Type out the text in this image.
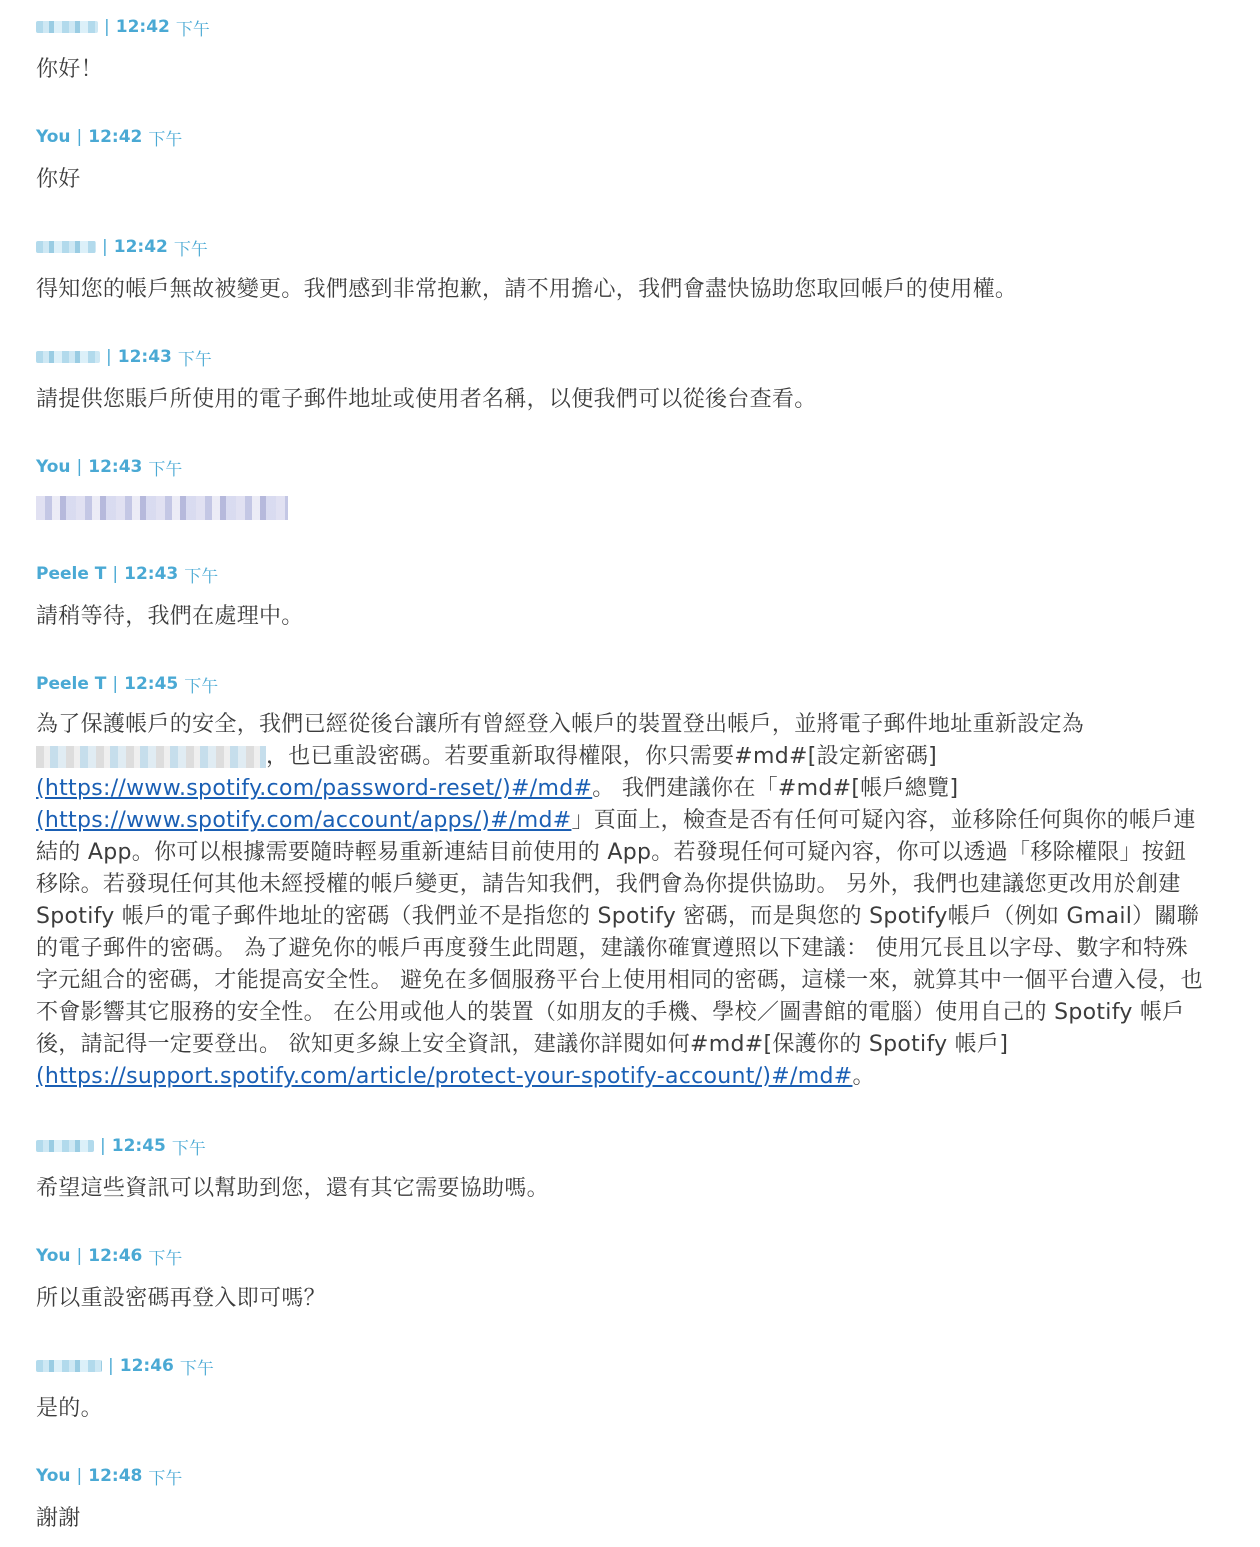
| 12:42 下午
你好！
You | 12:42 下午
你好
| 12:42 下午
得知您的帳戶無故被變更。我們感到非常抱歉，請不用擔心，我們會盡快協助您取回帳戶的使用權。
| 12:43 下午
請提供您賬戶所使用的電子郵件地址或使用者名稱，以便我們可以從後台查看。
You | 12:43 下午
Peele T | 12:43 下午
請稍等待，我們在處理中。
Peele T | 12:45 下午
為了保護帳戶的安全，我們已經從後台讓所有曾經登入帳戶的裝置登出帳戶，並將電子郵件地址重新設定為，也已重設密碼。若要重新取得權限，你只需要#md#[設定新密碼](https://www.spotify.com/password-reset/)#/md#。 我們建議你在「#md#[帳戶總覽](https://www.spotify.com/account/apps/)#/md#」頁面上，檢查是否有任何可疑內容，並移除任何與你的帳戶連結的 App。你可以根據需要隨時輕易重新連結目前使用的 App。若發現任何可疑內容，你可以透過「移除權限」按鈕移除。若發現任何其他未經授權的帳戶變更，請告知我們，我們會為你提供協助。 另外，我們也建議您更改用於創建 Spotify 帳戶的電子郵件地址的密碼（我們並不是指您的 Spotify 密碼，而是與您的 Spotify帳戶（例如 Gmail）關聯的電子郵件的密碼。 為了避免你的帳戶再度發生此問題，建議你確實遵照以下建議： 使用冗長且以字母、數字和特殊字元組合的密碼，才能提高安全性。 避免在多個服務平台上使用相同的密碼，這樣一來，就算其中一個平台遭入侵，也不會影響其它服務的安全性。 在公用或他人的裝置（如朋友的手機、學校／圖書館的電腦）使用自己的 Spotify 帳戶後，請記得一定要登出。 欲知更多線上安全資訊，建議你詳閱如何#md#[保護你的 Spotify 帳戶](https://support.spotify.com/article/protect-your-spotify-account/)#/md#。
| 12:45 下午
希望這些資訊可以幫助到您，還有其它需要協助嗎。
You | 12:46 下午
所以重設密碼再登入即可嗎？
| 12:46 下午
是的。
You | 12:48 下午
謝謝
